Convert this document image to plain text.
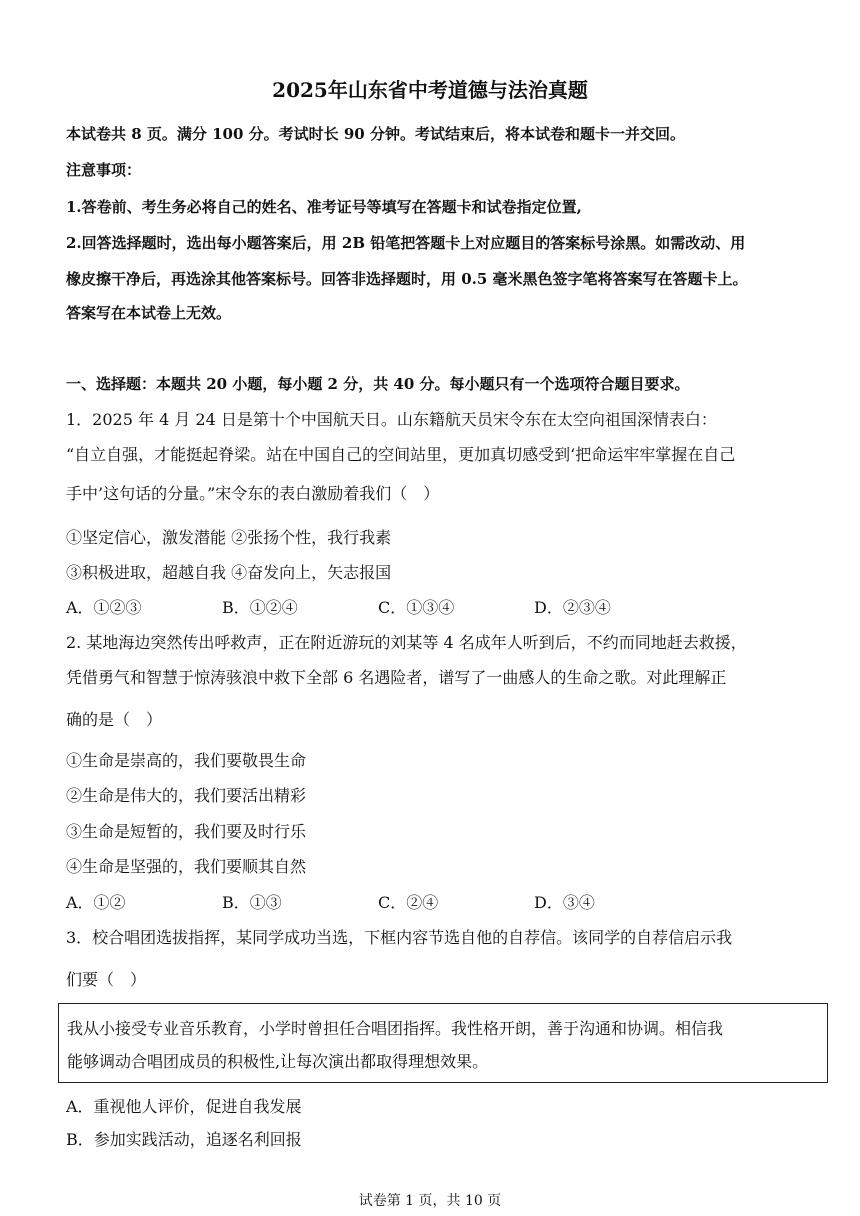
2025年山东省中考道德与法治真题
本试卷共 8 页。满分 100 分。考试时长 90 分钟。考试结束后，将本试卷和题卡一并交回。
注意事项：
1.答卷前、考生务必将自己的姓名、准考证号等填写在答题卡和试卷指定位置,
2.回答选择题时，选出每小题答案后，用 2B 铅笔把答题卡上对应题目的答案标号涂黑。如需改动、用
橡皮擦干净后，再选涂其他答案标号。回答非选择题时，用 0.5 毫米黑色签字笔将答案写在答题卡上。
答案写在本试卷上无效。
一、选择题：本题共 20 小题，每小题 2 分，共 40 分。每小题只有一个选项符合题目要求。
1．2025 年 4 月 24 日是第十个中国航天日。山东籍航天员宋令东在太空向祖国深情表白：
“自立自强，才能挺起脊梁。站在中国自己的空间站里，更加真切感受到‘把命运牢牢掌握在自己
手中’这句话的分量。”宋令东的表白激励着我们（　）
①坚定信心，激发潜能 ②张扬个性，我行我素
③积极进取，超越自我 ④奋发向上，矢志报国
A．①②③	B．①②④	C．①③④	D．②③④
2. 某地海边突然传出呼救声，正在附近游玩的刘某等 4 名成年人听到后，不约而同地赶去救援，
凭借勇气和智慧于惊涛骇浪中救下全部 6 名遇险者，谱写了一曲感人的生命之歌。对此理解正
确的是（　）
①生命是崇高的，我们要敬畏生命
②生命是伟大的，我们要活出精彩
③生命是短暂的，我们要及时行乐
④生命是坚强的，我们要顺其自然
A．①②	B．①③	C．②④	D．③④
3．校合唱团选拔指挥，某同学成功当选，下框内容节选自他的自荐信。该同学的自荐信启示我
们要（　）
我从小接受专业音乐教育，小学时曾担任合唱团指挥。我性格开朗，善于沟通和协调。相信我
能够调动合唱团成员的积极性,让每次演出都取得理想效果。
A．重视他人评价，促进自我发展
B．参加实践活动，追逐名利回报
试卷第 1 页，共 10 页
